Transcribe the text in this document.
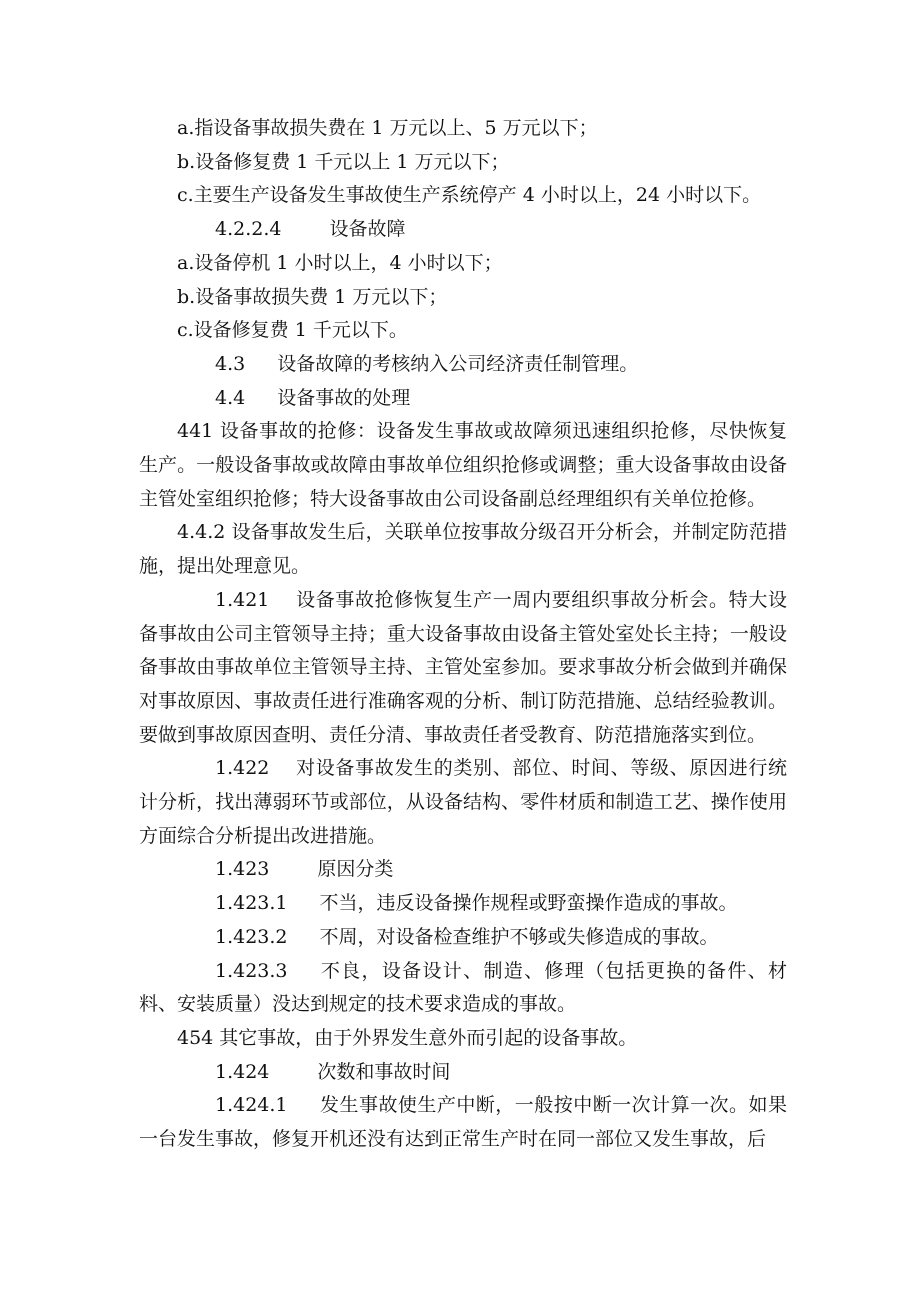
a.指设备事故损失费在 1 万元以上、5 万元以下；

b.设备修复费 1 千元以上 1 万元以下；

c.主要生产设备发生事故使生产系统停产 4 小时以上，24 小时以下。

4.2.2.4	设备故障

a.设备停机 1 小时以上，4 小时以下；

b.设备事故损失费 1 万元以下；

c.设备修复费 1 千元以下。

4.3 设备故障的考核纳入公司经济责任制管理。

4.4 设备事故的处理

441 设备事故的抢修：设备发生事故或故障须迅速组织抢修，尽快恢复生产。一般设备事故或故障由事故单位组织抢修或调整；重大设备事故由设备主管处室组织抢修；特大设备事故由公司设备副总经理组织有关单位抢修。

4.4.2 设备事故发生后，关联单位按事故分级召开分析会，并制定防范措施，提出处理意见。

1.421 设备事故抢修恢复生产一周内要组织事故分析会。特大设备事故由公司主管领导主持；重大设备事故由设备主管处室处长主持；一般设备事故由事故单位主管领导主持、主管处室参加。要求事故分析会做到并确保对事故原因、事故责任进行准确客观的分析、制订防范措施、总结经验教训。要做到事故原因查明、责任分清、事故责任者受教育、防范措施落实到位。

1.422 对设备事故发生的类别、部位、时间、等级、原因进行统计分析，找出薄弱环节或部位，从设备结构、零件材质和制造工艺、操作使用方面综合分析提出改进措施。

1.423	原因分类

1.423.1 不当，违反设备操作规程或野蛮操作造成的事故。

1.423.2 不周，对设备检查维护不够或失修造成的事故。

1.423.3 不良，设备设计、制造、修理（包括更换的备件、材料、安装质量）没达到规定的技术要求造成的事故。

454 其它事故，由于外界发生意外而引起的设备事故。

1.424	次数和事故时间

1.424.1 发生事故使生产中断，一般按中断一次计算一次。如果一台发生事故，修复开机还没有达到正常生产时在同一部位又发生事故，后
